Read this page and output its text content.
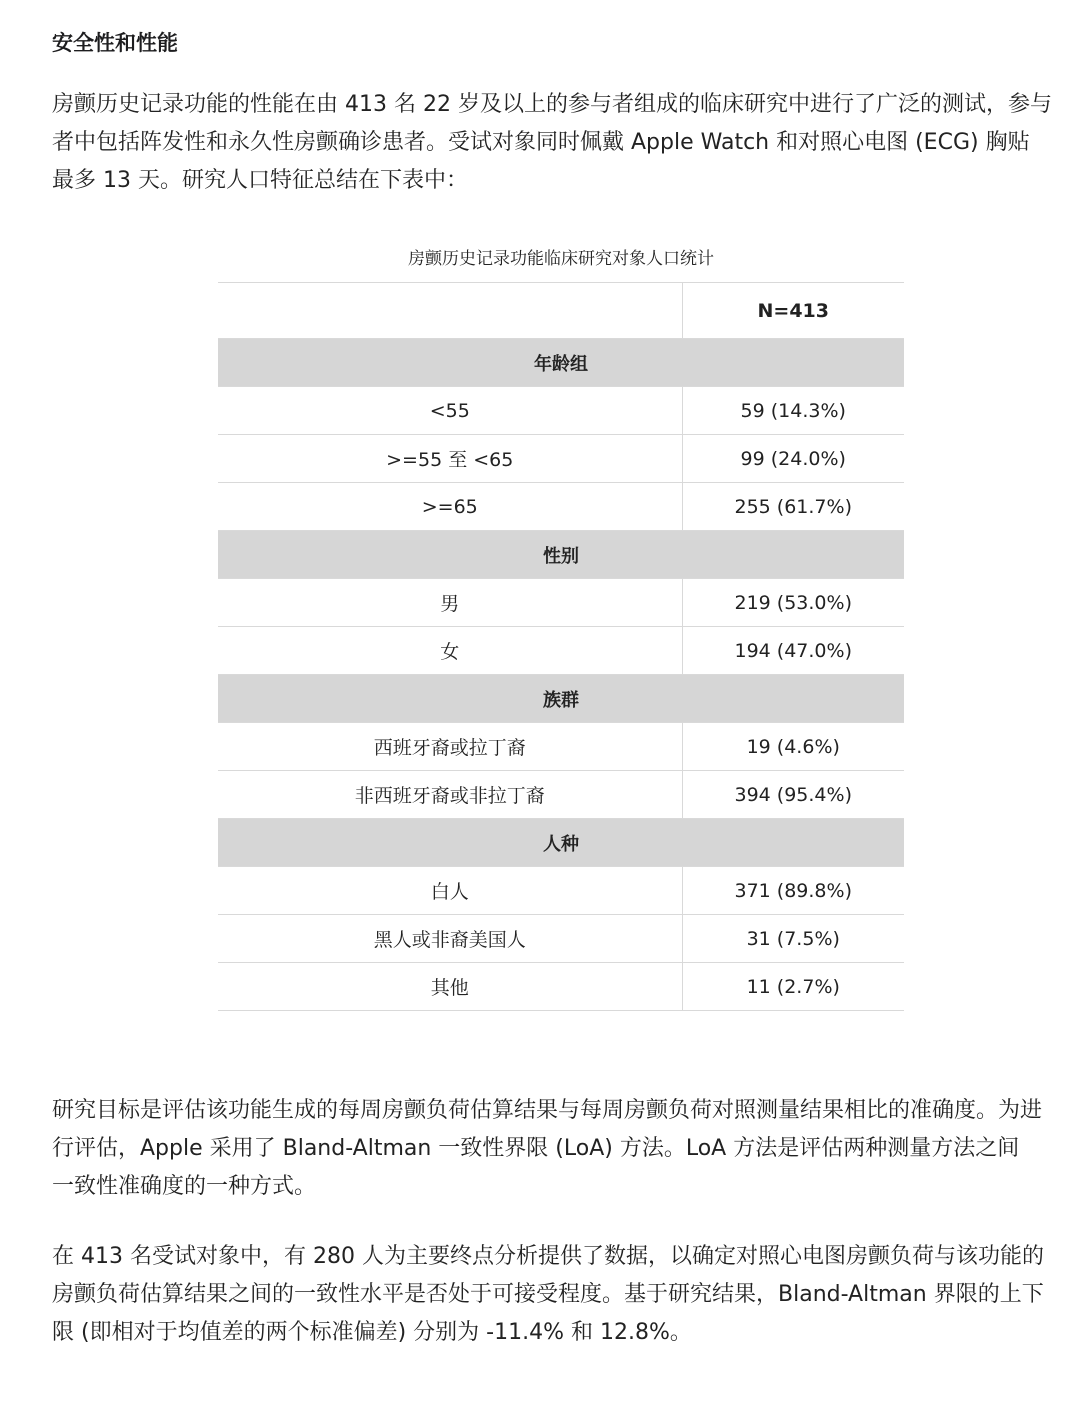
安全性和性能

房颤历史记录功能的性能在由 413 名 22 岁及以上的参与者组成的临床研究中进行了广泛的测试，参与
者中包括阵发性和永久性房颤确诊患者。受试对象同时佩戴 Apple Watch 和对照心电图 (ECG) 胸贴
最多 13 天。研究人口特征总结在下表中：

房颤历史记录功能临床研究对象人口统计
	N=413
年龄组	
<55	59 (14.3%)
>=55 至 <65	99 (24.0%)
>=65	255 (61.7%)
性别	
男	219 (53.0%)
女	194 (47.0%)
族群	
西班牙裔或拉丁裔	19 (4.6%)
非西班牙裔或非拉丁裔	394 (95.4%)
人种	
白人	371 (89.8%)
黑人或非裔美国人	31 (7.5%)
其他	11 (2.7%)

研究目标是评估该功能生成的每周房颤负荷估算结果与每周房颤负荷对照测量结果相比的准确度。为进
行评估，Apple 采用了 Bland-Altman 一致性界限 (LoA) 方法。LoA 方法是评估两种测量方法之间
一致性准确度的一种方式。

在 413 名受试对象中，有 280 人为主要终点分析提供了数据，以确定对照心电图房颤负荷与该功能的
房颤负荷估算结果之间的一致性水平是否处于可接受程度。基于研究结果，Bland-Altman 界限的上下
限 (即相对于均值差的两个标准偏差) 分别为 -11.4% 和 12.8%。
